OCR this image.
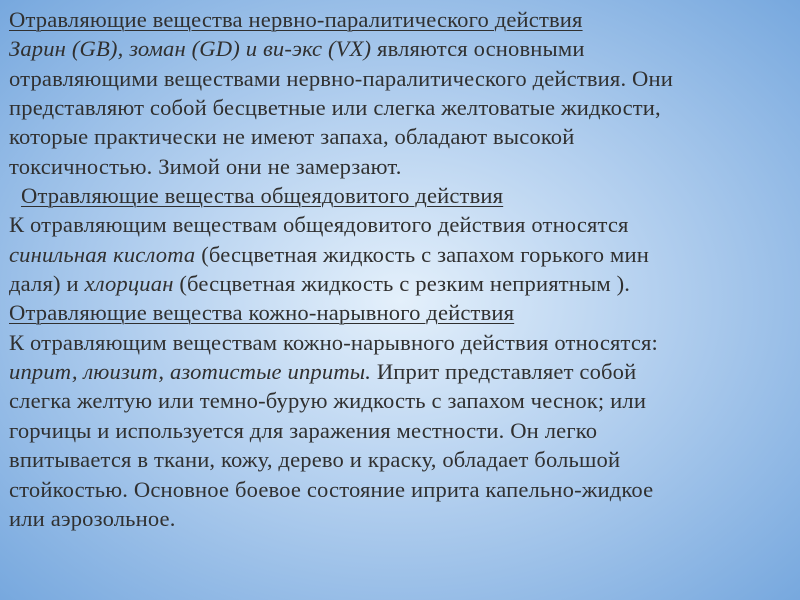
Отравляющие вещества нервно-паралитического действия
Зарин (GB), зоман (GD) и ви-экс (VX) являются основными
отравляющими веществами нервно-паралитического действия. Они
представляют собой бесцветные или слегка желтоватые жидкости,
которые практически не имеют запаха, обладают высокой
токсичностью. Зимой они не замерзают.
Отравляющие вещества общеядовитого действия
К отравляющим веществам общеядовитого действия относятся
синильная кислота (бесцветная жидкость с запахом горького мин
даля) и хлорциан (бесцветная жидкость с резким неприятным ).
Отравляющие вещества кожно-нарывного действия
К отравляющим веществам кожно-нарывного действия относятся:
иприт, люизит, азотистые иприты. Иприт представляет собой
слегка желтую или темно-бурую жидкость с запахом чеснок; или
горчицы и используется для заражения местности. Он легко
впитывается в ткани, кожу, дерево и краску, обладает большой
стойкостью. Основное боевое состояние иприта капельно-жидкое
или аэрозольное.
